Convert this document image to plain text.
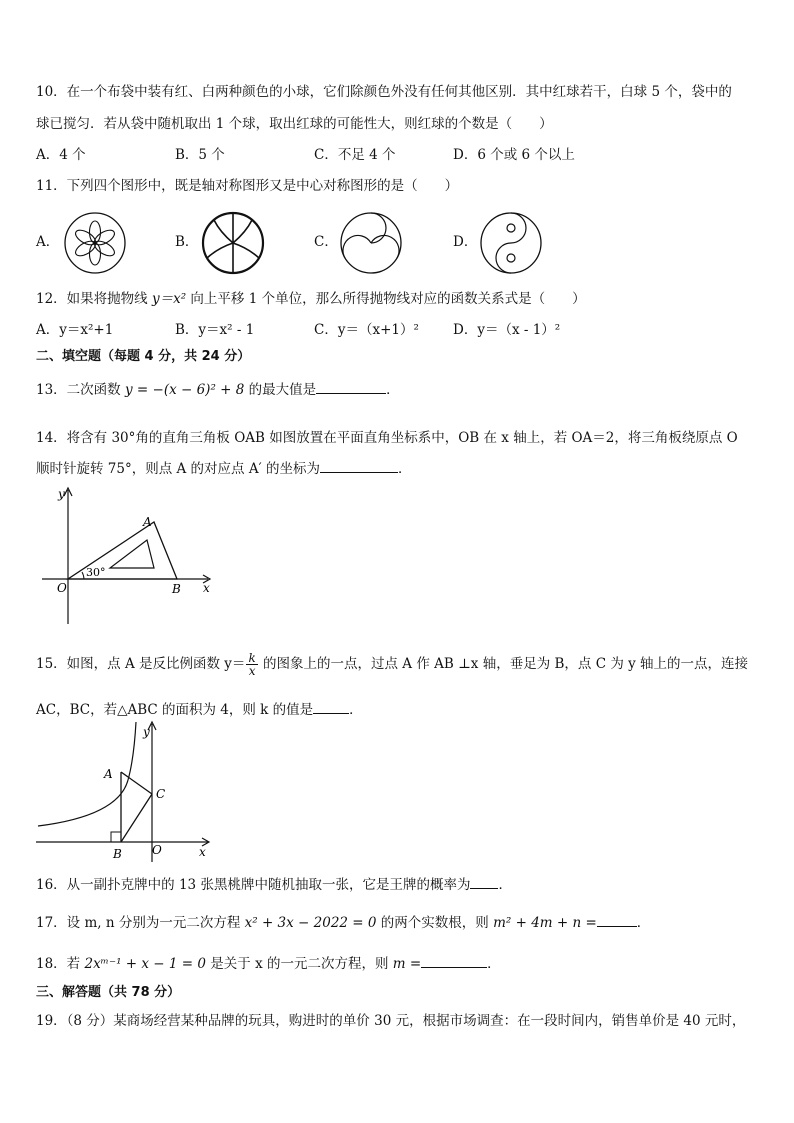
10．在一个布袋中装有红、白两种颜色的小球，它们除颜色外没有任何其他区别．其中红球若干，白球 5 个，袋中的
球已搅匀．若从袋中随机取出 1 个球，取出红球的可能性大，则红球的个数是（　　）
A．4 个	B．5 个	C．不足 4 个	D．6 个或 6 个以上
11．下列四个图形中，既是轴对称图形又是中心对称图形的是（　　）
A．	B．	C．	D．
12．如果将抛物线 y＝x² 向上平移 1 个单位，那么所得抛物线对应的函数关系式是（　　）
A．y＝x²+1	B．y＝x² - 1	C．y＝（x+1）²	D．y＝（x - 1）²
二、填空题（每题 4 分，共 24 分）
13．二次函数 y = −(x − 6)² + 8 的最大值是	．
14．将含有 30°角的直角三角板 OAB 如图放置在平面直角坐标系中，OB 在 x 轴上，若 OA＝2，将三角板绕原点 O
顺时针旋转 75°，则点 A 的对应点 A′ 的坐标为	．
y
x
O
A
B
30°
15．如图，点 A 是反比例函数 $y= \frac{k}{x}$ 的图象上的一点，过点 A 作 AB ⊥x 轴，垂足为 B，点 C 为 y 轴上的一点，连接
AC，BC，若△ABC 的面积为 4，则 k 的值是	．
y
x
O
A
B
C
16．从一副扑克牌中的 13 张黑桃牌中随机抽取一张，它是王牌的概率为 ．
17．设 m, n 分别为一元二次方程 x² + 3x − 2022 = 0 的两个实数根，则 m² + 4m + n =	．
18．若 2xᵐ⁻¹ + x − 1 = 0 是关于 x 的一元二次方程，则 m =	．
三、解答题（共 78 分）
19．（8 分）某商场经营某种品牌的玩具，购进时的单价 30 元，根据市场调查：在一段时间内，销售单价是 40 元时，
